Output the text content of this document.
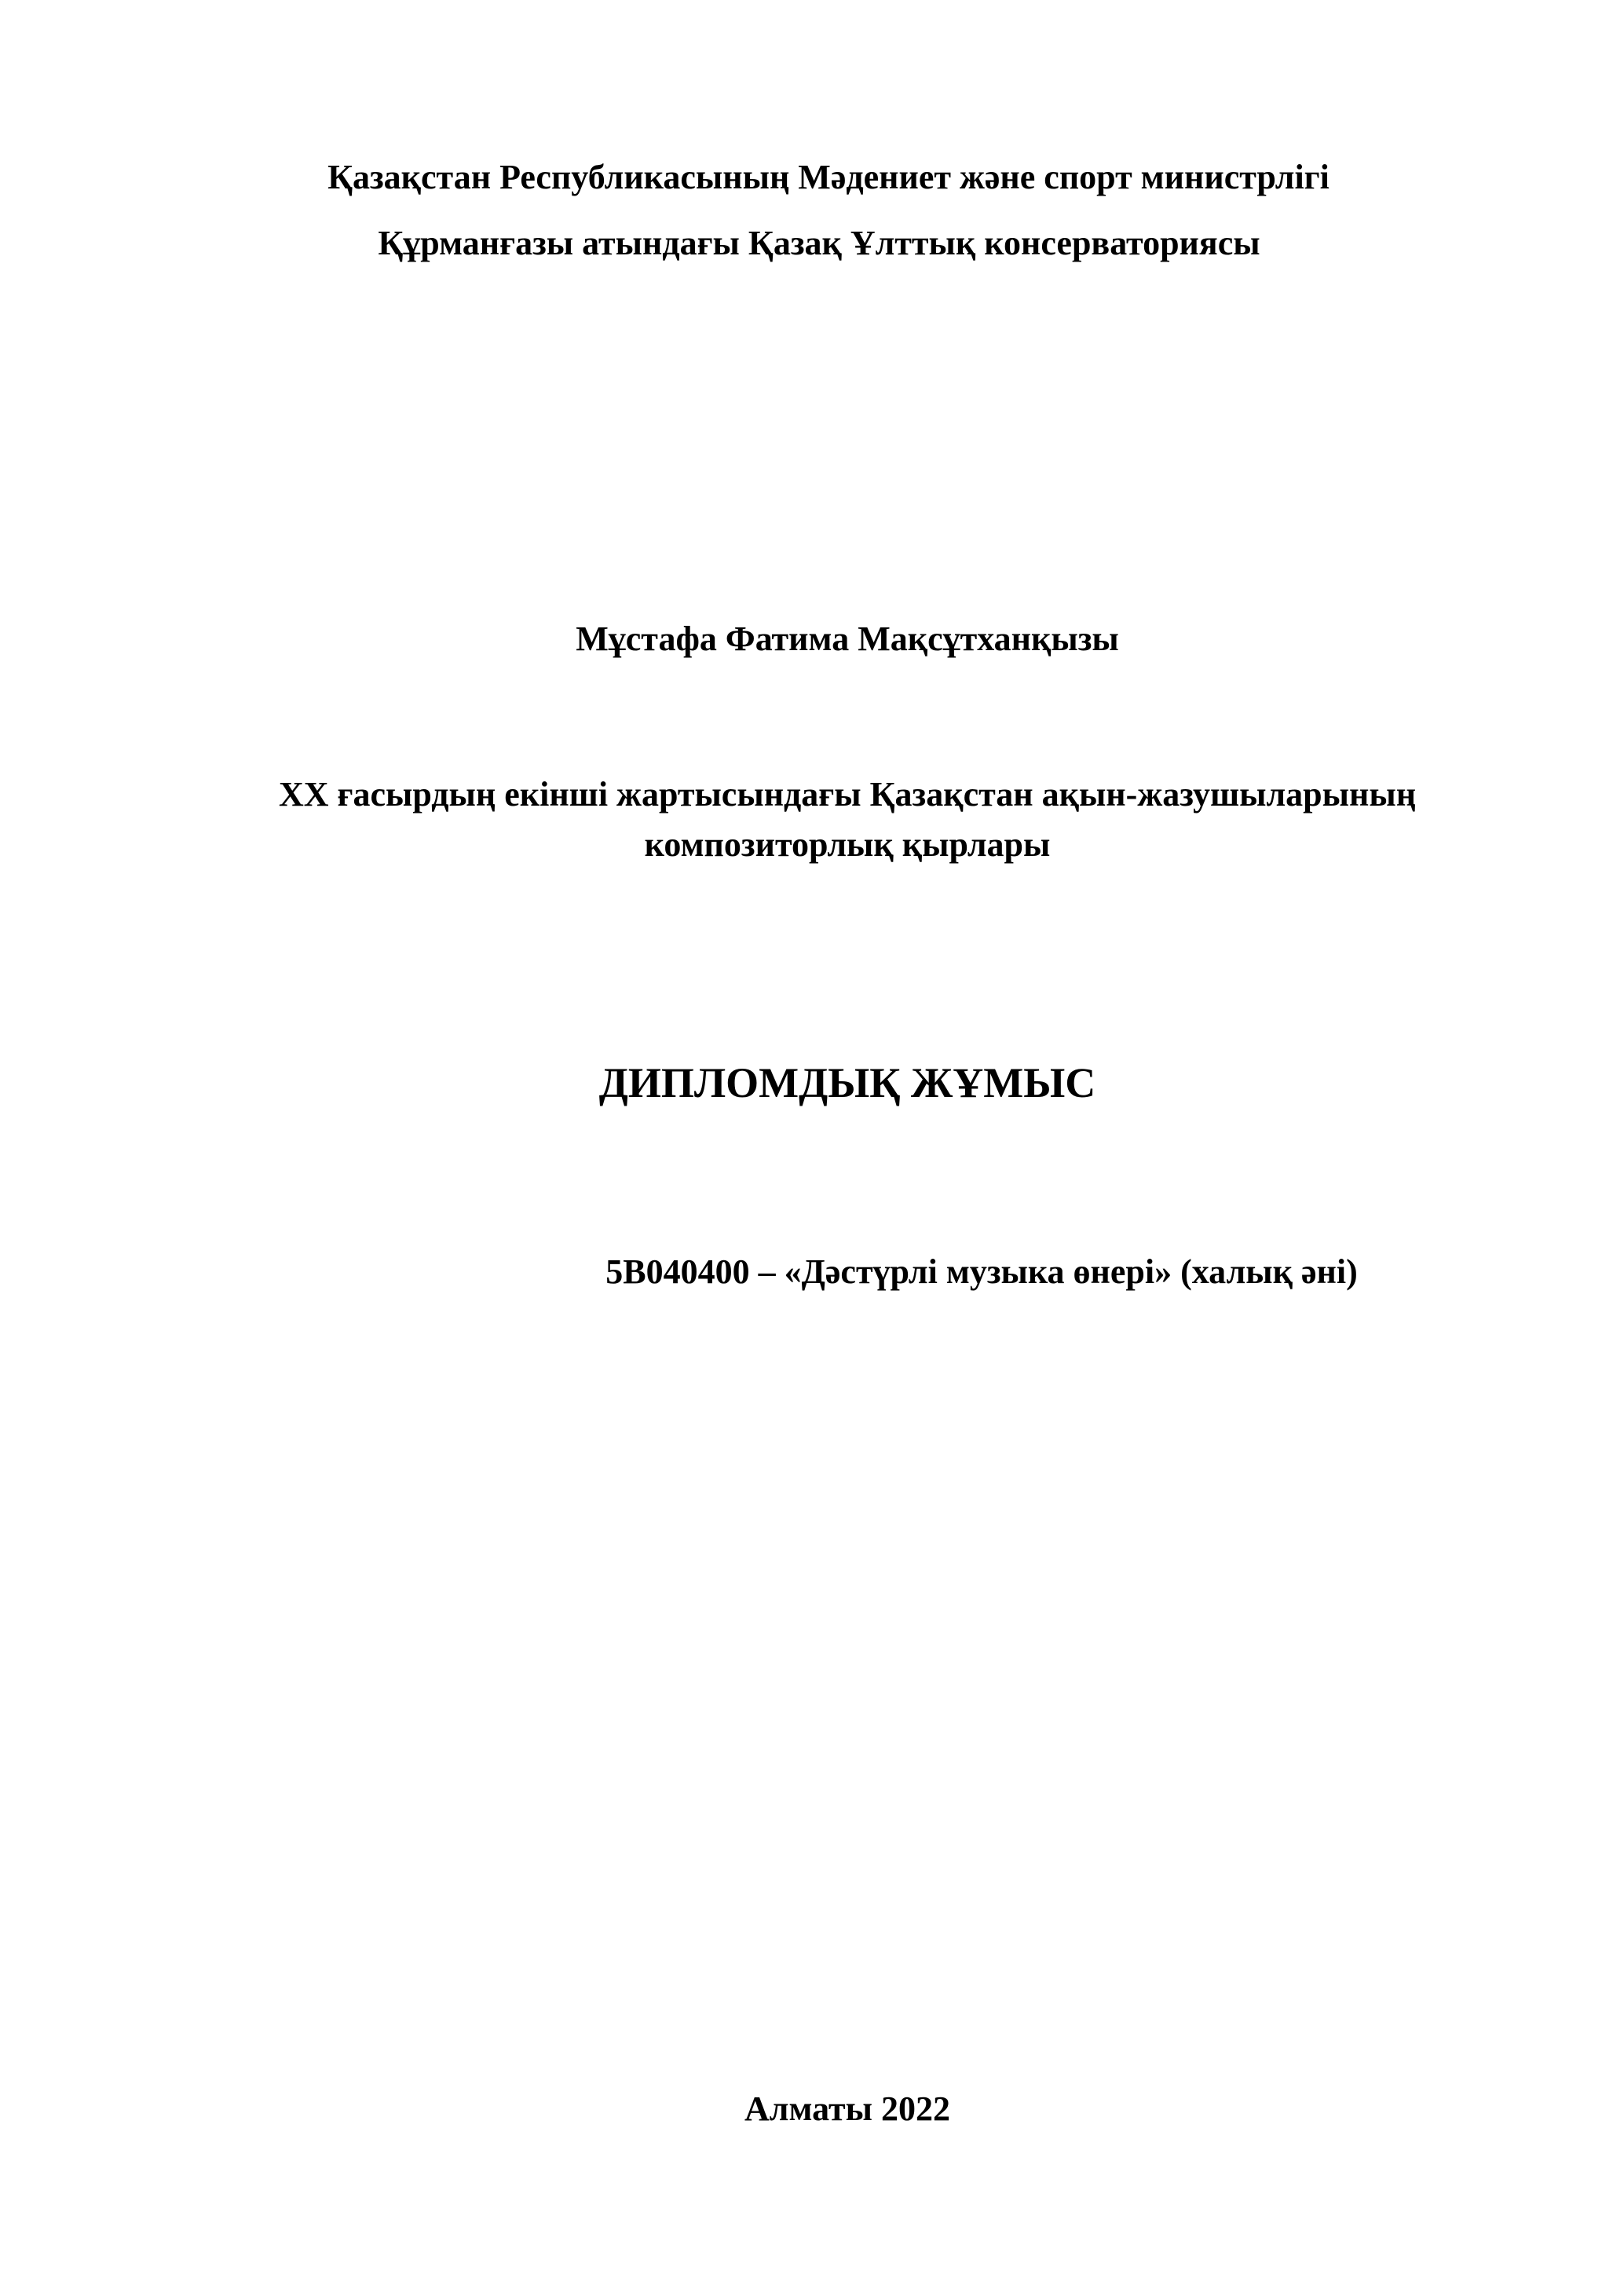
Қазақстан Республикасының Мәдениет және спорт министрлігі
Құрманғазы атындағы Қазақ Ұлттық консерваториясы
Мұстафа Фатима Мақсұтханқызы
XX ғасырдың екінші жартысындағы Қазақстан ақын-жазушыларының
композиторлық қырлары
ДИПЛОМДЫҚ ЖҰМЫС
5В040400 – «Дәстүрлі музыка өнері» (халық әні)
Алматы 2022
